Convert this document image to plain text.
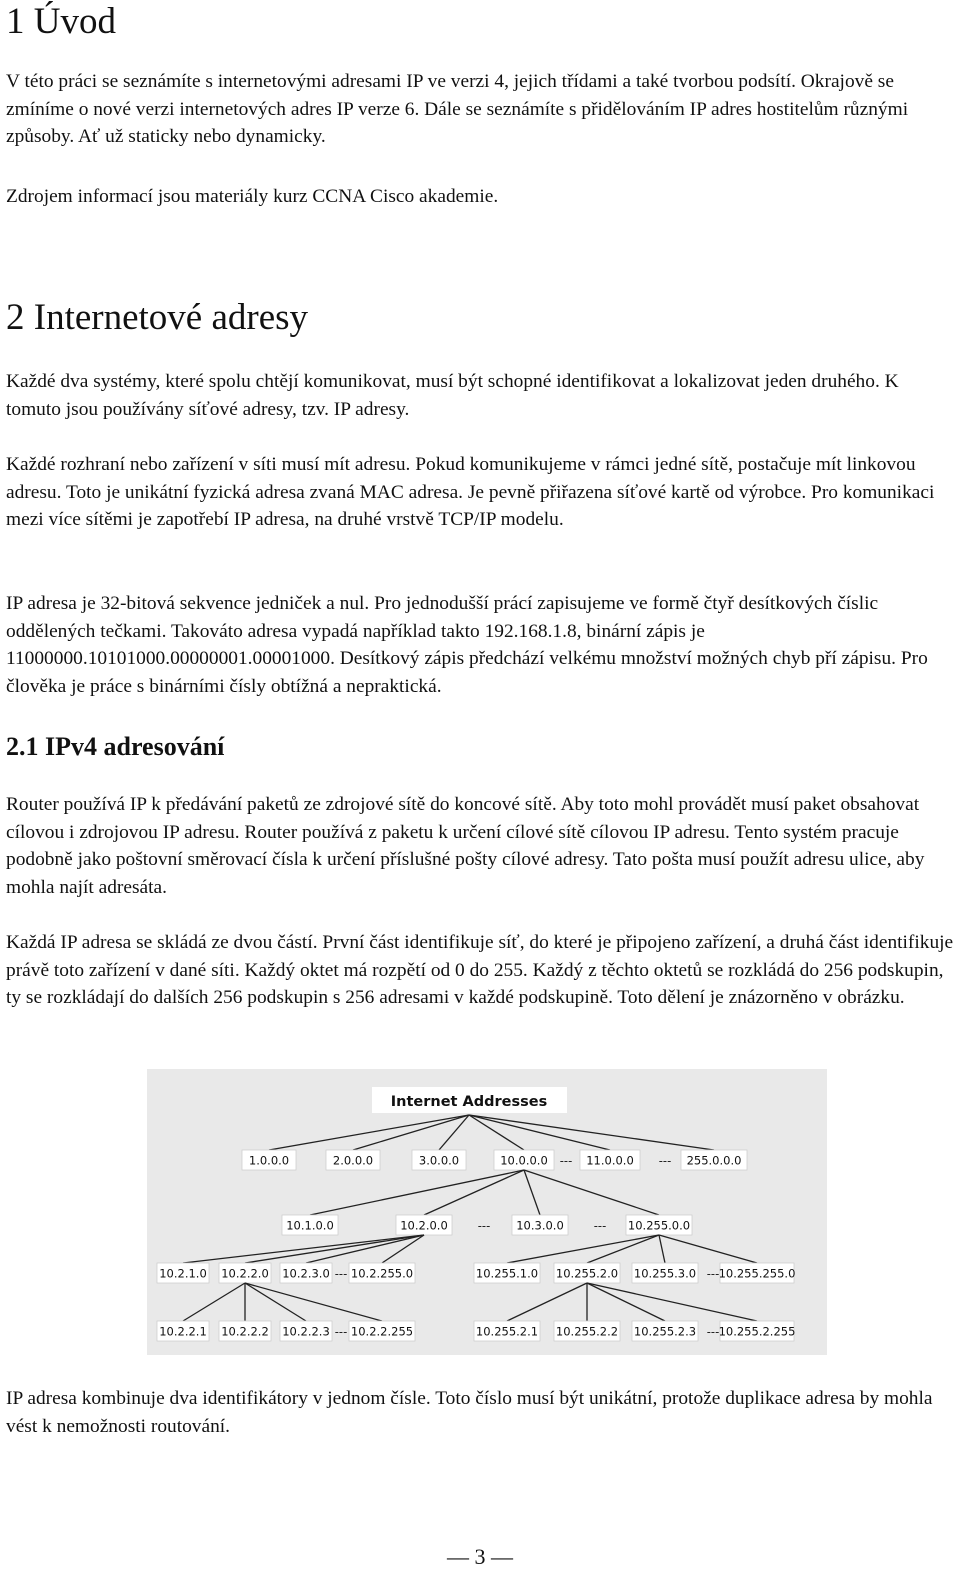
1 Úvod

V této práci se seznámíte s internetovými adresami IP ve verzi 4, jejich třídami a také tvorbou podsítí. Okrajově se zmíníme o nové verzi internetových adres IP verze 6. Dále se seznámíte s přidělováním IP adres hostitelům různými způsoby. Ať už staticky nebo dynamicky.

Zdrojem informací jsou materiály kurz CCNA Cisco akademie.

2 Internetové adresy

Každé dva systémy, které spolu chtějí komunikovat, musí být schopné identifikovat a lokalizovat jeden druhého. K tomuto jsou používány síťové adresy, tzv. IP adresy.

Každé rozhraní nebo zařízení v síti musí mít adresu. Pokud komunikujeme v rámci jedné sítě, postačuje mít linkovou adresu. Toto je unikátní fyzická adresa zvaná MAC adresa. Je pevně přiřazena síťové kartě od výrobce. Pro komunikaci mezi více sítěmi je zapotřebí IP adresa, na druhé vrstvě TCP/IP modelu.

IP adresa je 32-bitová sekvence jedniček a nul. Pro jednodušší prácí zapisujeme ve formě čtyř desítkových číslic oddělených tečkami. Takováto adresa vypadá například takto 192.168.1.8, binární zápis je 11000000.10101000.00000001.00001000. Desítkový zápis předchází velkému množství možných chyb pří zápisu. Pro člověka je práce s binárními čísly obtížná a nepraktická.

2.1 IPv4 adresování

Router používá IP k předávání paketů ze zdrojové sítě do koncové sítě. Aby toto mohl provádět musí paket obsahovat cílovou i zdrojovou IP adresu. Router používá z paketu k určení cílové sítě cílovou IP adresu. Tento systém pracuje podobně jako poštovní směrovací čísla k určení příslušné pošty cílové adresy. Tato pošta musí použít adresu ulice, aby mohla najít adresáta.

Každá IP adresa se skládá ze dvou částí. První část identifikuje síť, do které je připojeno zařízení, a druhá část identifikuje právě toto zařízení v dané síti. Každý oktet má rozpětí od 0 do 255. Každý z těchto oktetů se rozkládá do 256 podskupin, ty se rozkládají do dalších 256 podskupin s 256 adresami v každé podskupině. Toto dělení je znázorněno v obrázku.

Internet Addresses
1.0.0.0	2.0.0.0	3.0.0.0	10.0.0.0	11.0.0.0	255.0.0.0
---	---
10.1.0.0	10.2.0.0	10.3.0.0	10.255.0.0
---	---
10.2.1.0 10.2.2.0 10.2.3.0 10.2.255.0	10.255.1.0 10.255.2.0 10.255.3.0 10.255.255.0
---	---
10.2.2.1 10.2.2.2 10.2.2.3 10.2.2.255	10.255.2.1 10.255.2.2 10.255.2.3 10.255.2.255
---	---

IP adresa kombinuje dva identifikátory v jednom čísle. Toto číslo musí být unikátní, protože duplikace adresa by mohla vést k nemožnosti routování.

— 3 —
